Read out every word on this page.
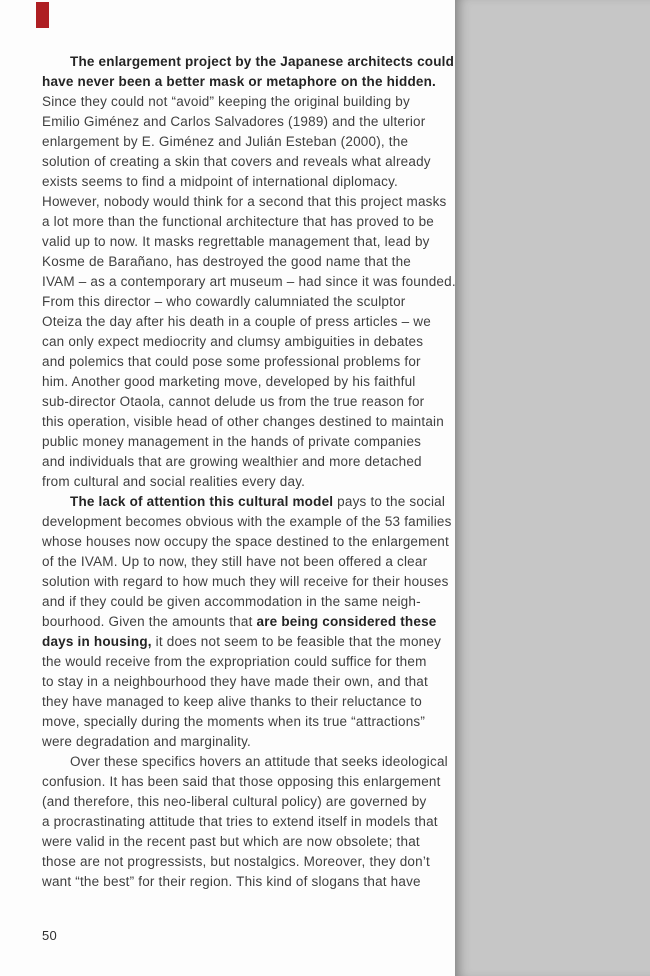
The enlargement project by the Japanese architects could
have never been a better mask or metaphore on the hidden.
Since they could not “avoid” keeping the original building by
Emilio Giménez and Carlos Salvadores (1989) and the ulterior
enlargement by E. Giménez and Julián Esteban (2000), the
solution of creating a skin that covers and reveals what already
exists seems to find a midpoint of international diplomacy.
However, nobody would think for a second that this project masks
a lot more than the functional architecture that has proved to be
valid up to now. It masks regrettable management that, lead by
Kosme de Barañano, has destroyed the good name that the
IVAM – as a contemporary art museum – had since it was founded.
From this director – who cowardly calumniated the sculptor
Oteiza the day after his death in a couple of press articles – we
can only expect mediocrity and clumsy ambiguities in debates
and polemics that could pose some professional problems for
him. Another good marketing move, developed by his faithful
sub-director Otaola, cannot delude us from the true reason for
this operation, visible head of other changes destined to maintain
public money management in the hands of private companies
and individuals that are growing wealthier and more detached
from cultural and social realities every day.
The lack of attention this cultural model pays to the social
development becomes obvious with the example of the 53 families
whose houses now occupy the space destined to the enlargement
of the IVAM. Up to now, they still have not been offered a clear
solution with regard to how much they will receive for their houses
and if they could be given accommodation in the same neigh-
bourhood. Given the amounts that are being considered these
days in housing, it does not seem to be feasible that the money
the would receive from the expropriation could suffice for them
to stay in a neighbourhood they have made their own, and that
they have managed to keep alive thanks to their reluctance to
move, specially during the moments when its true “attractions”
were degradation and marginality.
Over these specifics hovers an attitude that seeks ideological
confusion. It has been said that those opposing this enlargement
(and therefore, this neo-liberal cultural policy) are governed by
a procrastinating attitude that tries to extend itself in models that
were valid in the recent past but which are now obsolete; that
those are not progressists, but nostalgics. Moreover, they don’t
want “the best” for their region. This kind of slogans that have
50
